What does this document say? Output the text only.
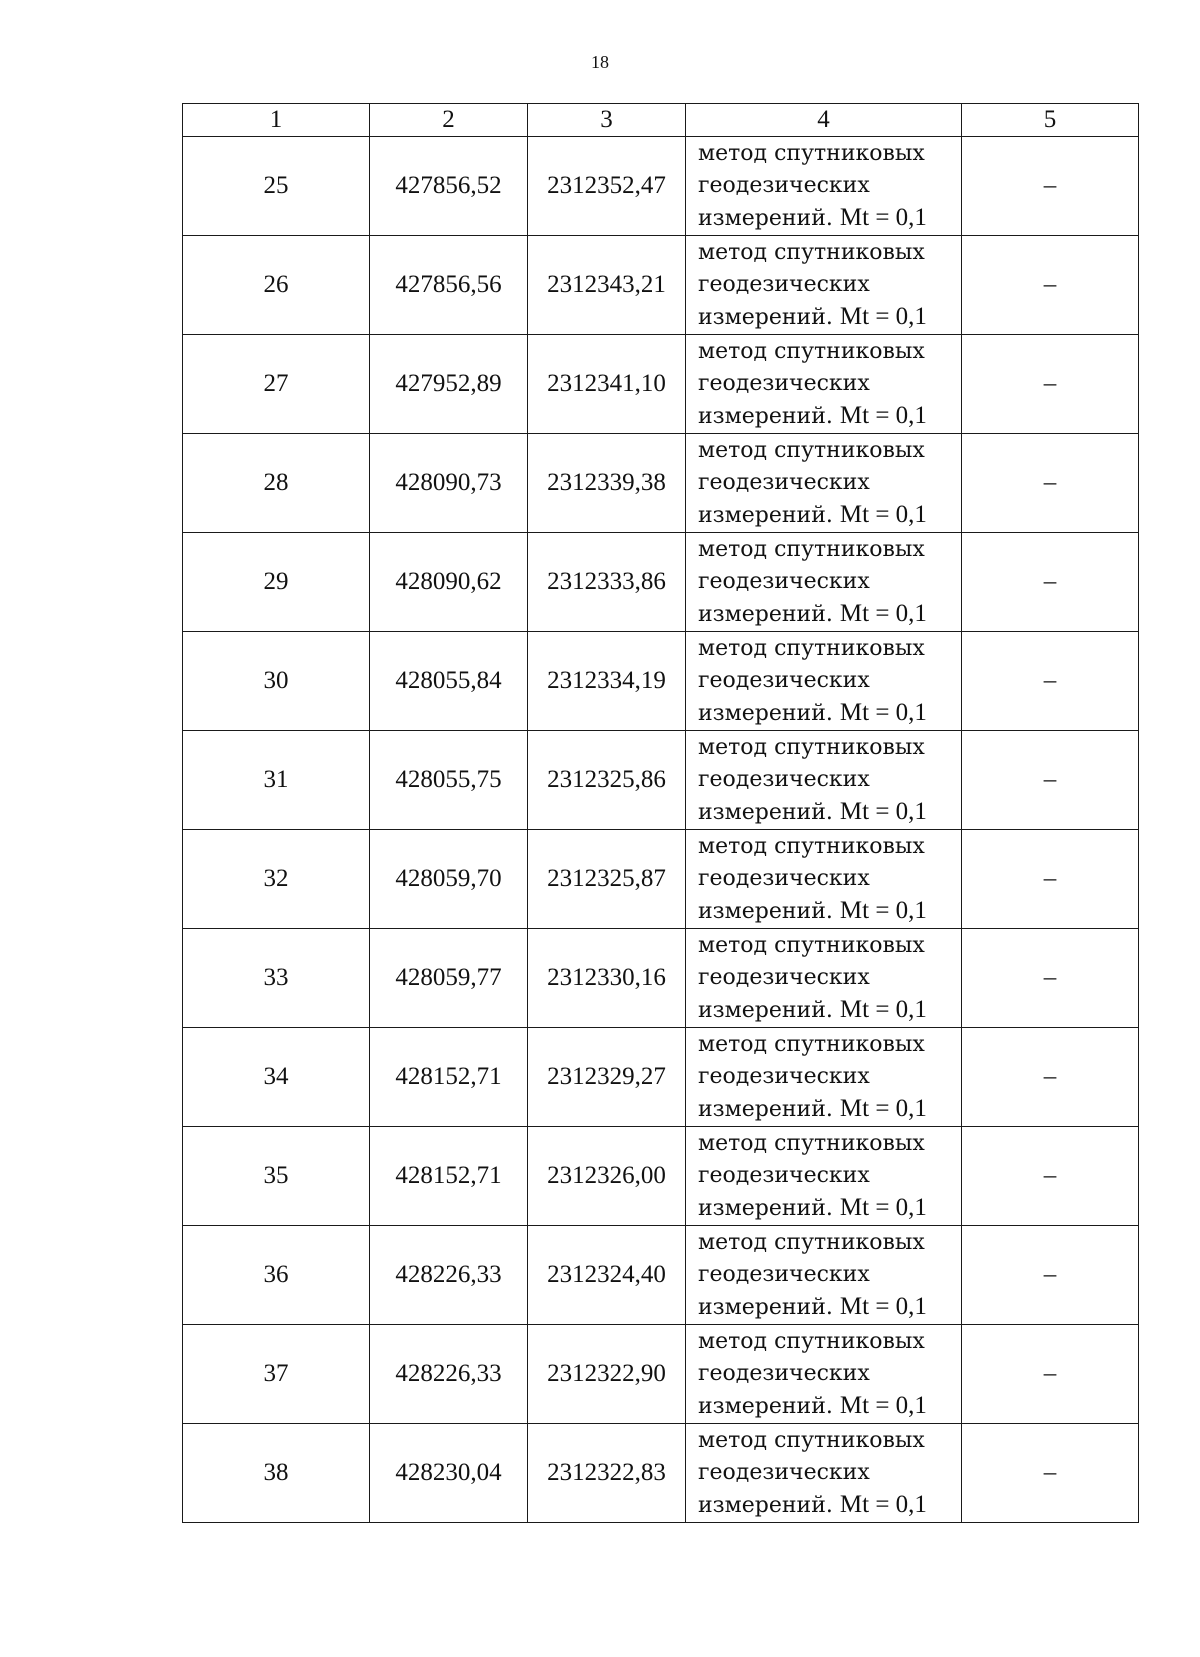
18
1	2	3	4	5
25	427856,52	2312352,47	метод спутниковых
геодезических
измерений. Mt = 0,1	–
26	427856,56	2312343,21	метод спутниковых
геодезических
измерений. Mt = 0,1	–
27	427952,89	2312341,10	метод спутниковых
геодезических
измерений. Mt = 0,1	–
28	428090,73	2312339,38	метод спутниковых
геодезических
измерений. Mt = 0,1	–
29	428090,62	2312333,86	метод спутниковых
геодезических
измерений. Mt = 0,1	–
30	428055,84	2312334,19	метод спутниковых
геодезических
измерений. Mt = 0,1	–
31	428055,75	2312325,86	метод спутниковых
геодезических
измерений. Mt = 0,1	–
32	428059,70	2312325,87	метод спутниковых
геодезических
измерений. Mt = 0,1	–
33	428059,77	2312330,16	метод спутниковых
геодезических
измерений. Mt = 0,1	–
34	428152,71	2312329,27	метод спутниковых
геодезических
измерений. Mt = 0,1	–
35	428152,71	2312326,00	метод спутниковых
геодезических
измерений. Mt = 0,1	–
36	428226,33	2312324,40	метод спутниковых
геодезических
измерений. Mt = 0,1	–
37	428226,33	2312322,90	метод спутниковых
геодезических
измерений. Mt = 0,1	–
38	428230,04	2312322,83	метод спутниковых
геодезических
измерений. Mt = 0,1	–
